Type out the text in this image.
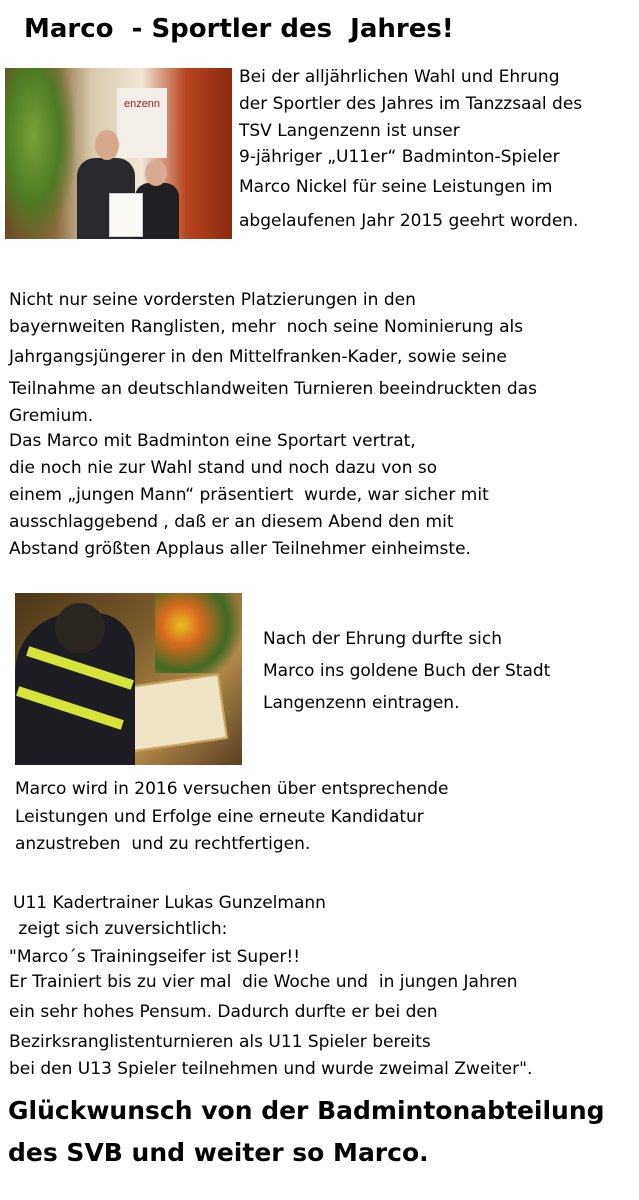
Marco  - Sportler des  Jahres!
enzenn
Bei der alljährlichen Wahl und Ehrung
der Sportler des Jahres im Tanzzsaal des
TSV Langenzenn ist unser
9-jähriger „U11er“ Badminton-Spieler
Marco Nickel für seine Leistungen im
abgelaufenen Jahr 2015 geehrt worden.
Nicht nur seine vordersten Platzierungen in den
bayernweiten Ranglisten, mehr  noch seine Nominierung als
Jahrgangsjüngerer in den Mittelfranken-Kader, sowie seine
Teilnahme an deutschlandweiten Turnieren beeindruckten das
Gremium.
Das Marco mit Badminton eine Sportart vertrat,
die noch nie zur Wahl stand und noch dazu von so
einem „jungen Mann“ präsentiert  wurde, war sicher mit
ausschlaggebend , daß er an diesem Abend den mit
Abstand größten Applaus aller Teilnehmer einheimste.
Nach der Ehrung durfte sich
Marco ins goldene Buch der Stadt
Langenzenn eintragen.
Marco wird in 2016 versuchen über entsprechende
Leistungen und Erfolge eine erneute Kandidatur
anzustreben  und zu rechtfertigen.
U11 Kadertrainer Lukas Gunzelmann
zeigt sich zuversichtlich:
"Marco´s Trainingseifer ist Super!!
Er Trainiert bis zu vier mal  die Woche und  in jungen Jahren
ein sehr hohes Pensum. Dadurch durfte er bei den
Bezirksranglistenturnieren als U11 Spieler bereits
bei den U13 Spieler teilnehmen und wurde zweimal Zweiter".
Glückwunsch von der Badmintonabteilung
des SVB und weiter so Marco.
